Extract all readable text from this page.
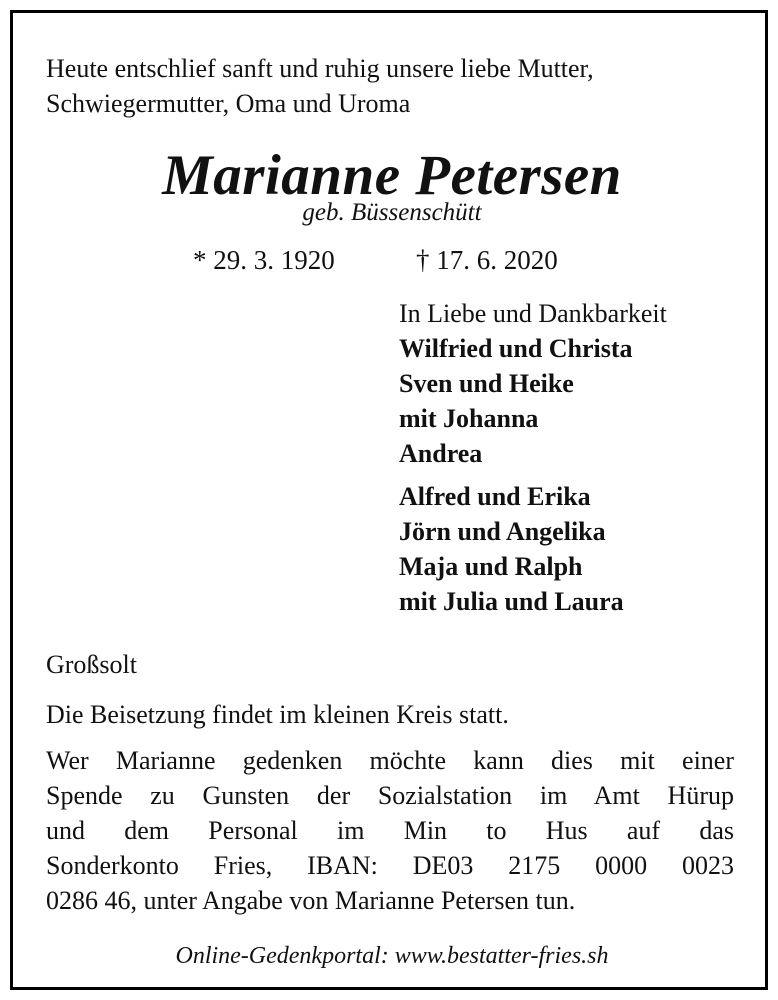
Heute entschlief sanft und ruhig unsere liebe Mutter,
Schwiegermutter, Oma und Uroma
Marianne Petersen
geb. Büssenschütt
* 29. 3. 1920	† 17. 6. 2020
In Liebe und Dankbarkeit
Wilfried und Christa
Sven und Heike
mit Johanna
Andrea
Alfred und Erika
Jörn und Angelika
Maja und Ralph
mit Julia und Laura
Großsolt
Die Beisetzung findet im kleinen Kreis statt.
Wer Marianne gedenken möchte kann dies mit einer
Spende zu Gunsten der Sozialstation im Amt Hürup
und dem Personal im Min to Hus auf das
Sonderkonto Fries, IBAN: DE03 2175 0000 0023
0286 46, unter Angabe von Marianne Petersen tun.
Online-Gedenkportal: www.bestatter-fries.sh
